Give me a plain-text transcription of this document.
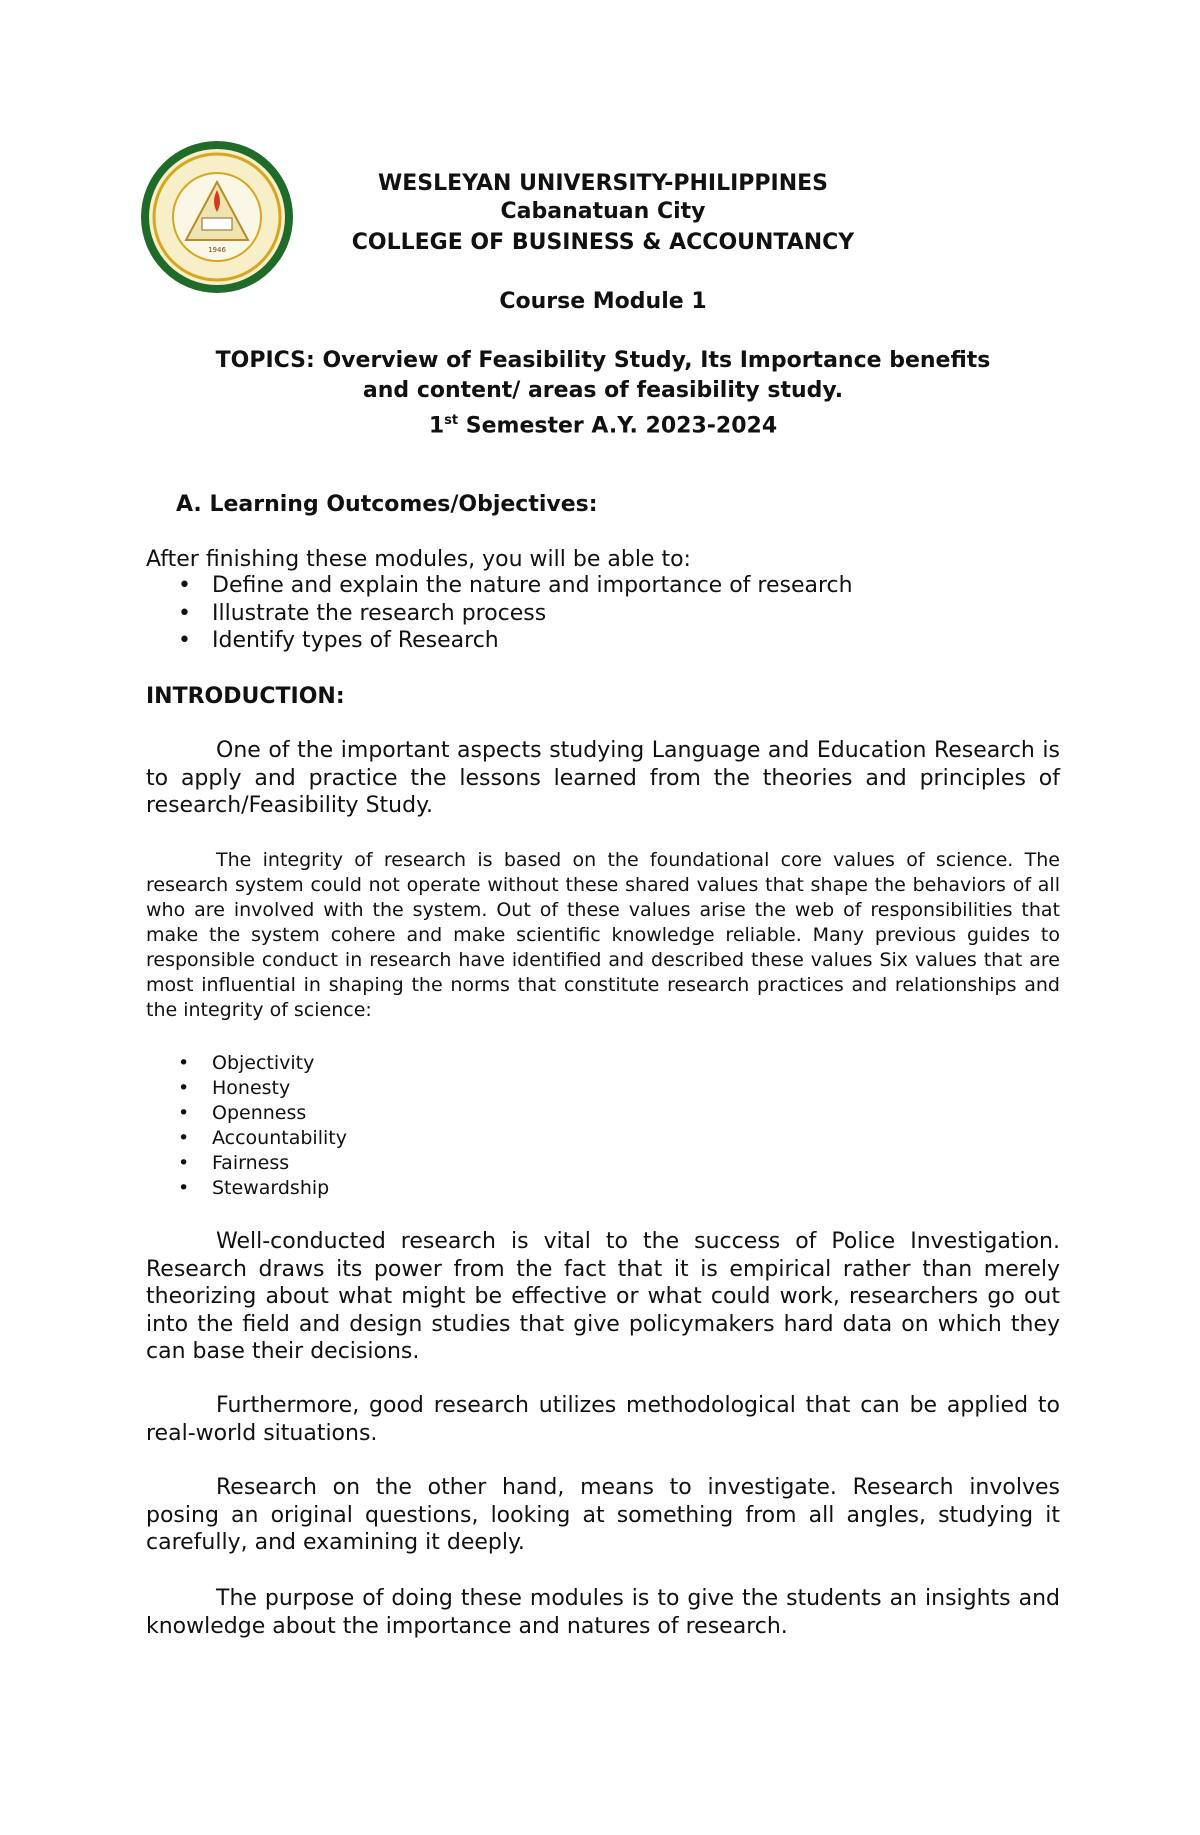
1946
WESLEYAN UNIVERSITY-PHILIPPINES
Cabanatuan City
COLLEGE OF BUSINESS & ACCOUNTANCY
Course Module 1
TOPICS: Overview of Feasibility Study, Its Importance benefits
and content/ areas of feasibility study.
1st Semester A.Y. 2023-2024
A. Learning Outcomes/Objectives:
After finishing these modules, you will be able to:
• Define and explain the nature and importance of research
• Illustrate the research process
• Identify types of Research
INTRODUCTION:

One of the important aspects studying Language and Education Research is to apply and practice the lessons learned from the theories and principles of research/Feasibility Study.

The integrity of research is based on the foundational core values of science. The research system could not operate without these shared values that shape the behaviors of all who are involved with the system. Out of these values arise the web of responsibilities that make the system cohere and make scientific knowledge reliable. Many previous guides to responsible conduct in research have identified and described these values Six values that are most influential in shaping the norms that constitute research practices and relationships and the integrity of science:

• Objectivity
• Honesty
• Openness
• Accountability
• Fairness
• Stewardship

Well-conducted research is vital to the success of Police Investigation. Research draws its power from the fact that it is empirical rather than merely theorizing about what might be effective or what could work, researchers go out into the field and design studies that give policymakers hard data on which they can base their decisions.

Furthermore, good research utilizes methodological that can be applied to real-world situations.

Research on the other hand, means to investigate. Research involves posing an original questions, looking at something from all angles, studying it carefully, and examining it deeply.

The purpose of doing these modules is to give the students an insights and knowledge about the importance and natures of research.
